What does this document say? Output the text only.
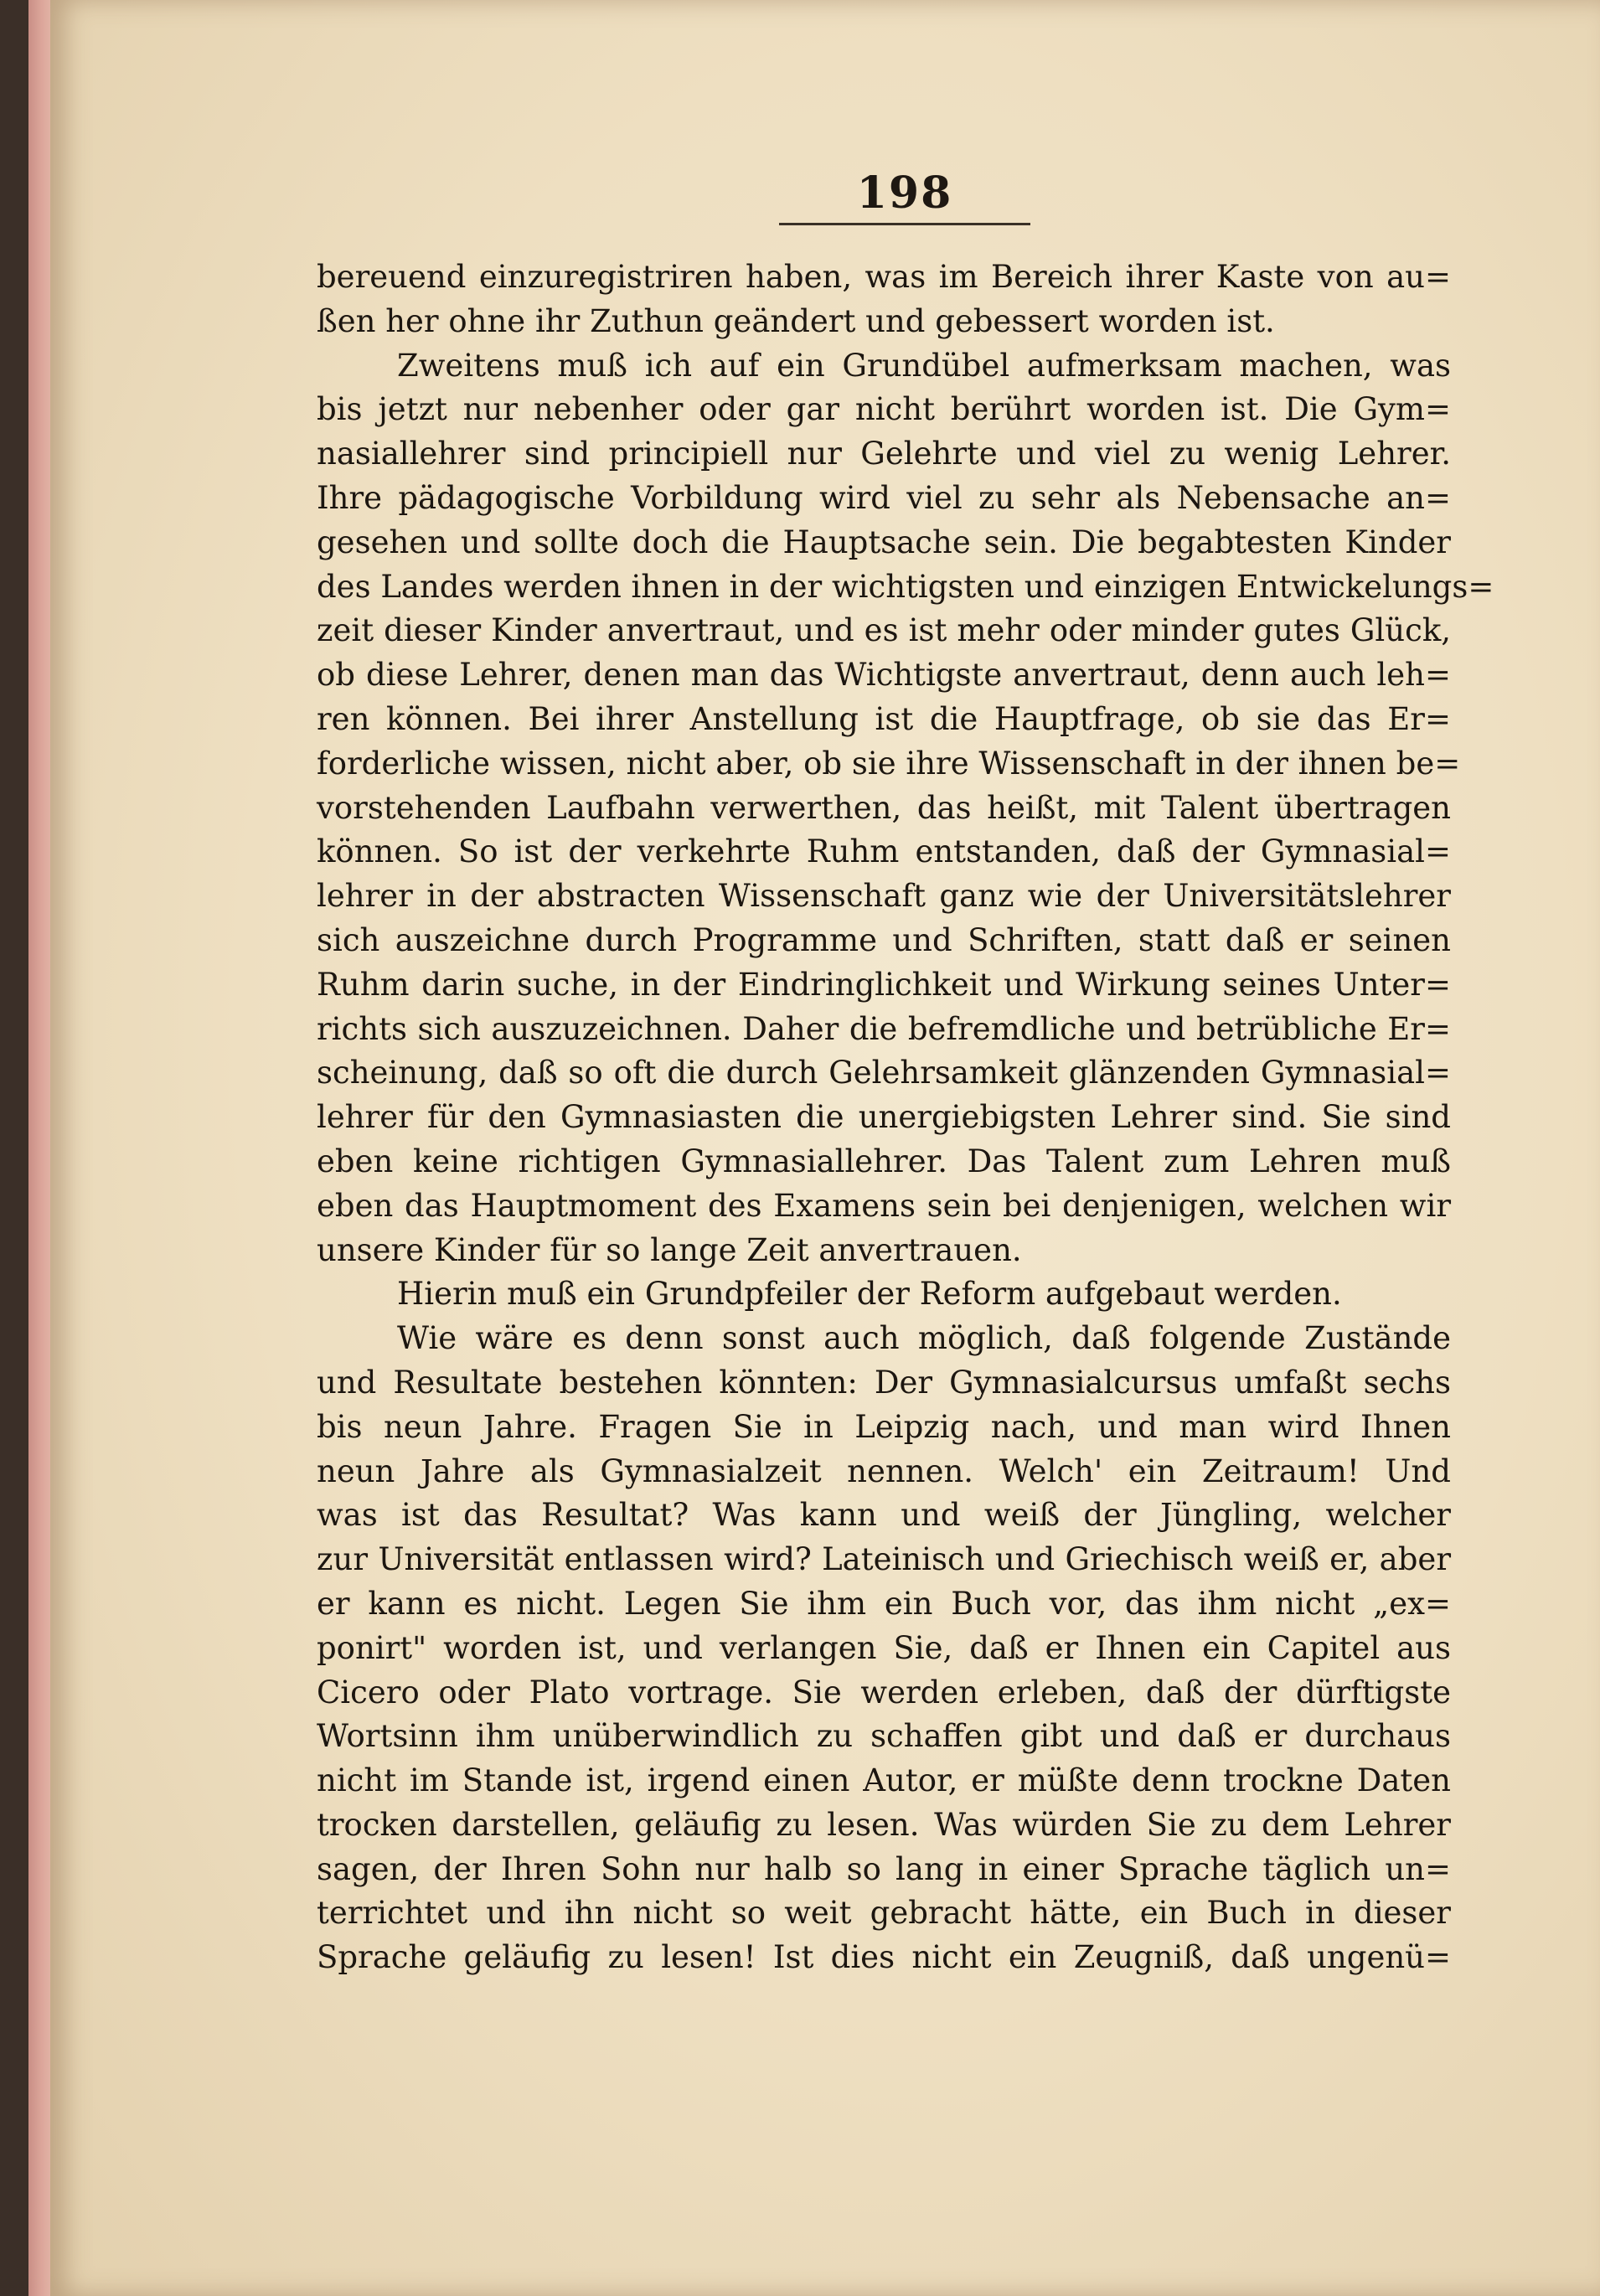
198
bereuend einzuregistriren haben, was im Bereich ihrer Kaste von au=
ßen her ohne ihr Zuthun geändert und gebessert worden ist.
Zweitens muß ich auf ein Grundübel aufmerksam machen, was
bis jetzt nur nebenher oder gar nicht berührt worden ist. Die Gym=
nasiallehrer sind principiell nur Gelehrte und viel zu wenig Lehrer.
Ihre pädagogische Vorbildung wird viel zu sehr als Nebensache an=
gesehen und sollte doch die Hauptsache sein. Die begabtesten Kinder
des Landes werden ihnen in der wichtigsten und einzigen Entwickelungs=
zeit dieser Kinder anvertraut, und es ist mehr oder minder gutes Glück,
ob diese Lehrer, denen man das Wichtigste anvertraut, denn auch leh=
ren können. Bei ihrer Anstellung ist die Hauptfrage, ob sie das Er=
forderliche wissen, nicht aber, ob sie ihre Wissenschaft in der ihnen be=
vorstehenden Laufbahn verwerthen, das heißt, mit Talent übertragen
können. So ist der verkehrte Ruhm entstanden, daß der Gymnasial=
lehrer in der abstracten Wissenschaft ganz wie der Universitätslehrer
sich auszeichne durch Programme und Schriften, statt daß er seinen
Ruhm darin suche, in der Eindringlichkeit und Wirkung seines Unter=
richts sich auszuzeichnen. Daher die befremdliche und betrübliche Er=
scheinung, daß so oft die durch Gelehrsamkeit glänzenden Gymnasial=
lehrer für den Gymnasiasten die unergiebigsten Lehrer sind. Sie sind
eben keine richtigen Gymnasiallehrer. Das Talent zum Lehren muß
eben das Hauptmoment des Examens sein bei denjenigen, welchen wir
unsere Kinder für so lange Zeit anvertrauen.
Hierin muß ein Grundpfeiler der Reform aufgebaut werden.
Wie wäre es denn sonst auch möglich, daß folgende Zustände
und Resultate bestehen könnten: Der Gymnasialcursus umfaßt sechs
bis neun Jahre. Fragen Sie in Leipzig nach, und man wird Ihnen
neun Jahre als Gymnasialzeit nennen. Welch' ein Zeitraum! Und
was ist das Resultat? Was kann und weiß der Jüngling, welcher
zur Universität entlassen wird? Lateinisch und Griechisch weiß er, aber
er kann es nicht. Legen Sie ihm ein Buch vor, das ihm nicht „ex=
ponirt" worden ist, und verlangen Sie, daß er Ihnen ein Capitel aus
Cicero oder Plato vortrage. Sie werden erleben, daß der dürftigste
Wortsinn ihm unüberwindlich zu schaffen gibt und daß er durchaus
nicht im Stande ist, irgend einen Autor, er müßte denn trockne Daten
trocken darstellen, geläufig zu lesen. Was würden Sie zu dem Lehrer
sagen, der Ihren Sohn nur halb so lang in einer Sprache täglich un=
terrichtet und ihn nicht so weit gebracht hätte, ein Buch in dieser
Sprache geläufig zu lesen! Ist dies nicht ein Zeugniß, daß ungenü=
